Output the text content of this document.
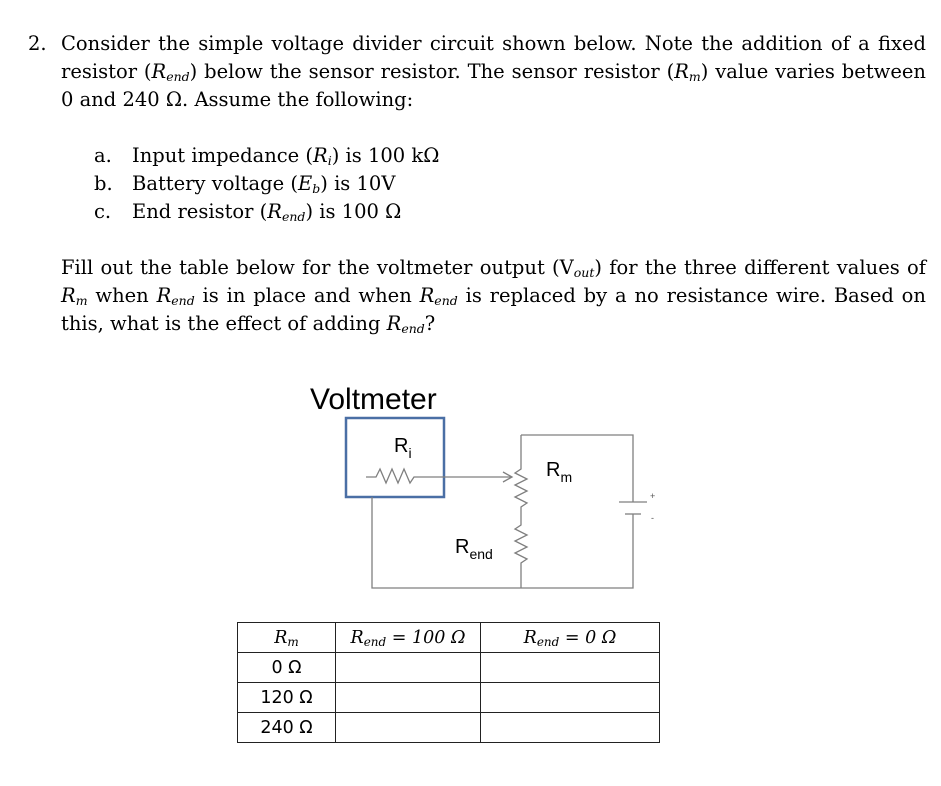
2. Consider the simple voltage divider circuit shown below. Note the addition of a fixed resistor $(R_{end})$ below the sensor resistor. The sensor resistor $(R_m)$ value varies between 0 and 240 Ω. Assume the following:
a.	Input impedance $(R_i)$ is 100 kΩ
b. Battery voltage $(E_b)$ is 10V
c.	End resistor $(R_{end})$ is 100 Ω
Fill out the table below for the voltmeter output $(V_{out})$ for the three different values of $R_m$ when $R_{end}$ is in place and when $R_{end}$ is replaced by a no resistance wire. Based on this, what is the effect of adding $R_{end}$?
Voltmeter
$R_i$
$R_m$
+
-
$R_{end}$
$R_m$	$R_{end} = 100$ Ω	$R_{end} = 0$ Ω
0 Ω		
120 Ω		
240 Ω		
